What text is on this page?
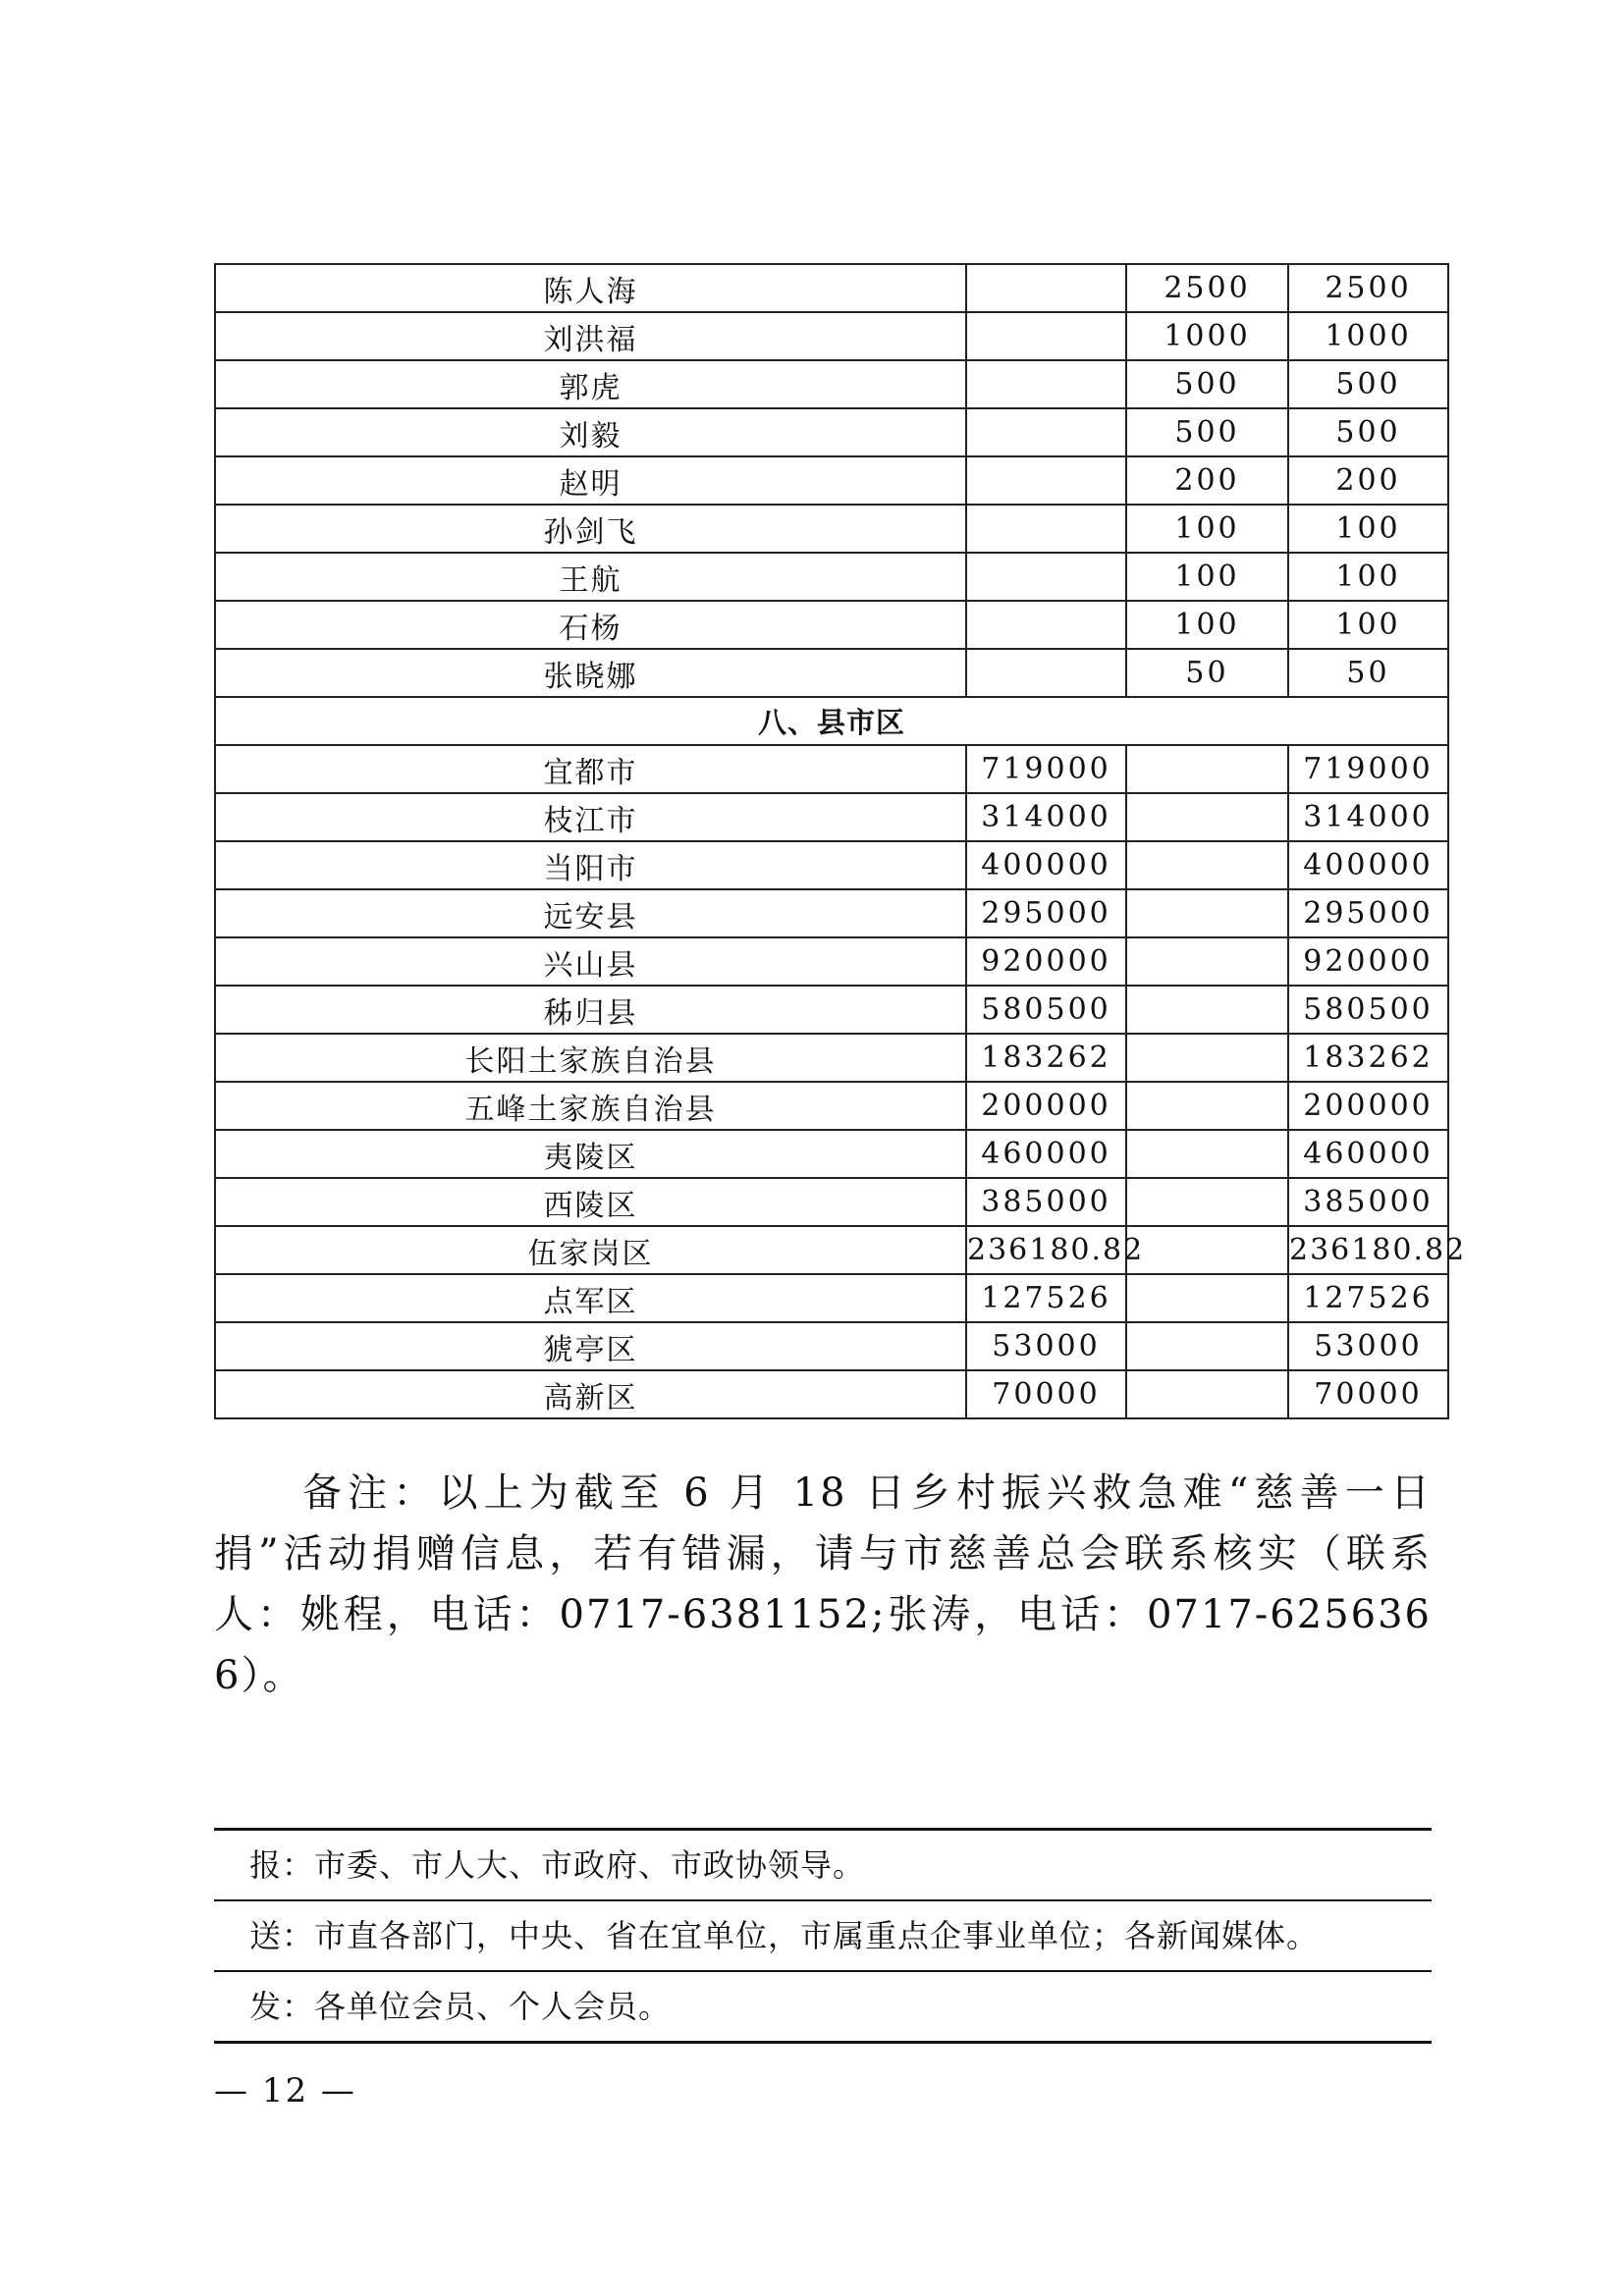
陈人海		2500	2500
刘洪福		1000	1000
郭虎		500	500
刘毅		500	500
赵明		200	200
孙剑飞		100	100
王航		100	100
石杨		100	100
张晓娜		50	50
八、县市区			
宜都市	719000		719000
枝江市	314000		314000
当阳市	400000		400000
远安县	295000		295000
兴山县	920000		920000
秭归县	580500		580500
长阳土家族自治县	183262		183262
五峰土家族自治县	200000		200000
夷陵区	460000		460000
西陵区	385000		385000
伍家岗区	236180.82		236180.82
点军区	127526		127526
猇亭区	53000		53000
高新区	70000		70000

备注：以上为截至 6 月 18 日乡村振兴救急难“慈善一日捐”活动捐赠信息，若有错漏，请与市慈善总会联系核实（联系人：姚程，电话：0717-6381152;张涛，电话：0717-6256366）。

报：市委、市人大、市政府、市政协领导。
送：市直各部门，中央、省在宜单位，市属重点企事业单位；各新闻媒体。
发：各单位会员、个人会员。
— 12 —
